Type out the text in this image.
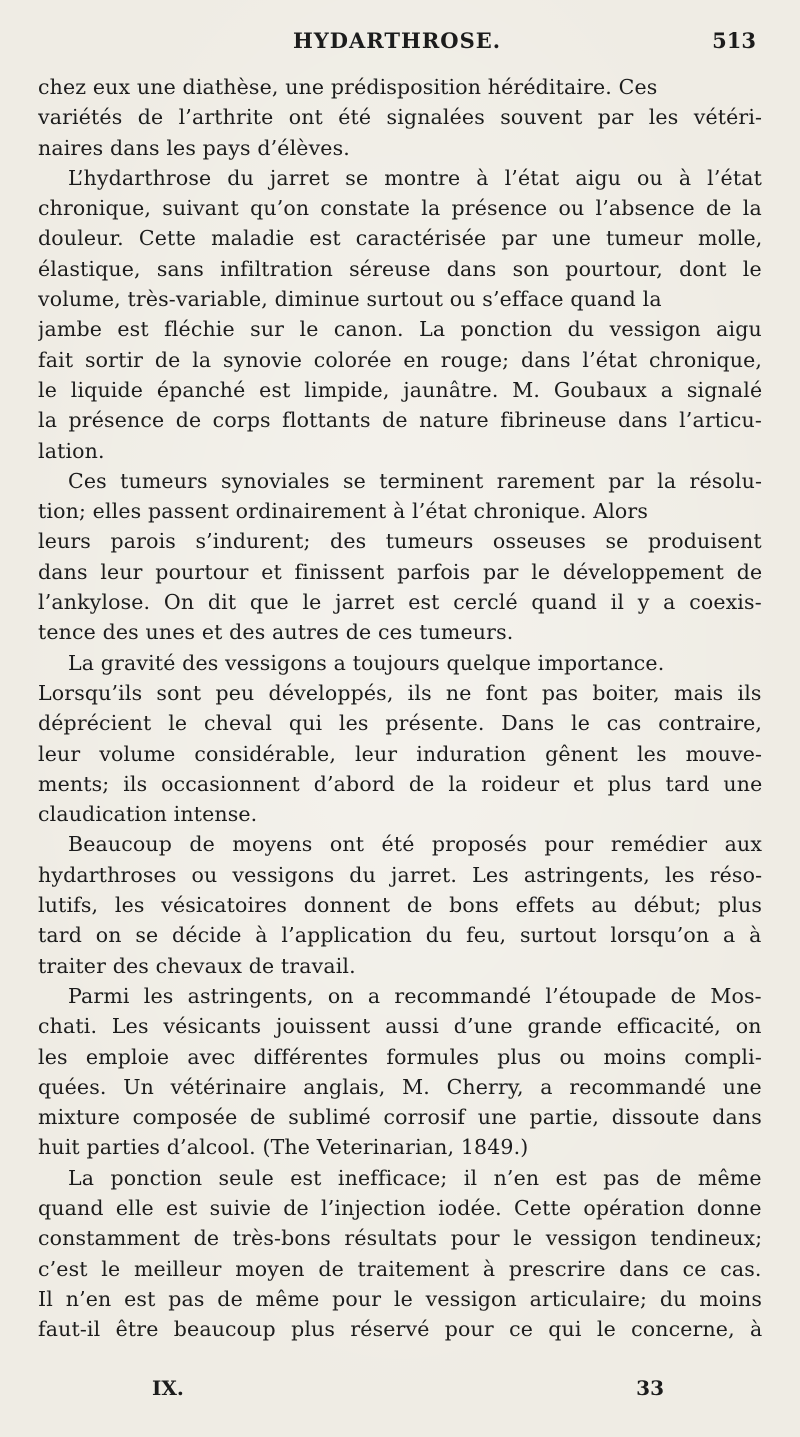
HYDARTHROSE.	513
chez eux une diathèse, une prédisposition héréditaire. Ces
variétés de l’arthrite ont été signalées souvent par les vétéri-
naires dans les pays d’élèves.
L’hydarthrose du jarret se montre à l’état aigu ou à l’état
chronique, suivant qu’on constate la présence ou l’absence de la
douleur. Cette maladie est caractérisée par une tumeur molle,
élastique, sans infiltration séreuse dans son pourtour, dont le
volume, très-variable, diminue surtout ou s’efface quand la
jambe est fléchie sur le canon. La ponction du vessigon aigu
fait sortir de la synovie colorée en rouge; dans l’état chronique,
le liquide épanché est limpide, jaunâtre. M. Goubaux a signalé
la présence de corps flottants de nature fibrineuse dans l’articu-
lation.
Ces tumeurs synoviales se terminent rarement par la résolu-
tion; elles passent ordinairement à l’état chronique. Alors
leurs parois s’indurent; des tumeurs osseuses se produisent
dans leur pourtour et finissent parfois par le développement de
l’ankylose. On dit que le jarret est cerclé quand il y a coexis-
tence des unes et des autres de ces tumeurs.
La gravité des vessigons a toujours quelque importance.
Lorsqu’ils sont peu développés, ils ne font pas boiter, mais ils
déprécient le cheval qui les présente. Dans le cas contraire,
leur volume considérable, leur induration gênent les mouve-
ments; ils occasionnent d’abord de la roideur et plus tard une
claudication intense.
Beaucoup de moyens ont été proposés pour remédier aux
hydarthroses ou vessigons du jarret. Les astringents, les réso-
lutifs, les vésicatoires donnent de bons effets au début; plus
tard on se décide à l’application du feu, surtout lorsqu’on a à
traiter des chevaux de travail.
Parmi les astringents, on a recommandé l’étoupade de Mos-
chati. Les vésicants jouissent aussi d’une grande efficacité, on
les emploie avec différentes formules plus ou moins compli-
quées. Un vétérinaire anglais, M. Cherry, a recommandé une
mixture composée de sublimé corrosif une partie, dissoute dans
huit parties d’alcool. (The Veterinarian, 1849.)
La ponction seule est inefficace; il n’en est pas de même
quand elle est suivie de l’injection iodée. Cette opération donne
constamment de très-bons résultats pour le vessigon tendineux;
c’est le meilleur moyen de traitement à prescrire dans ce cas.
Il n’en est pas de même pour le vessigon articulaire; du moins
faut-il être beaucoup plus réservé pour ce qui le concerne, à
IX.	33
